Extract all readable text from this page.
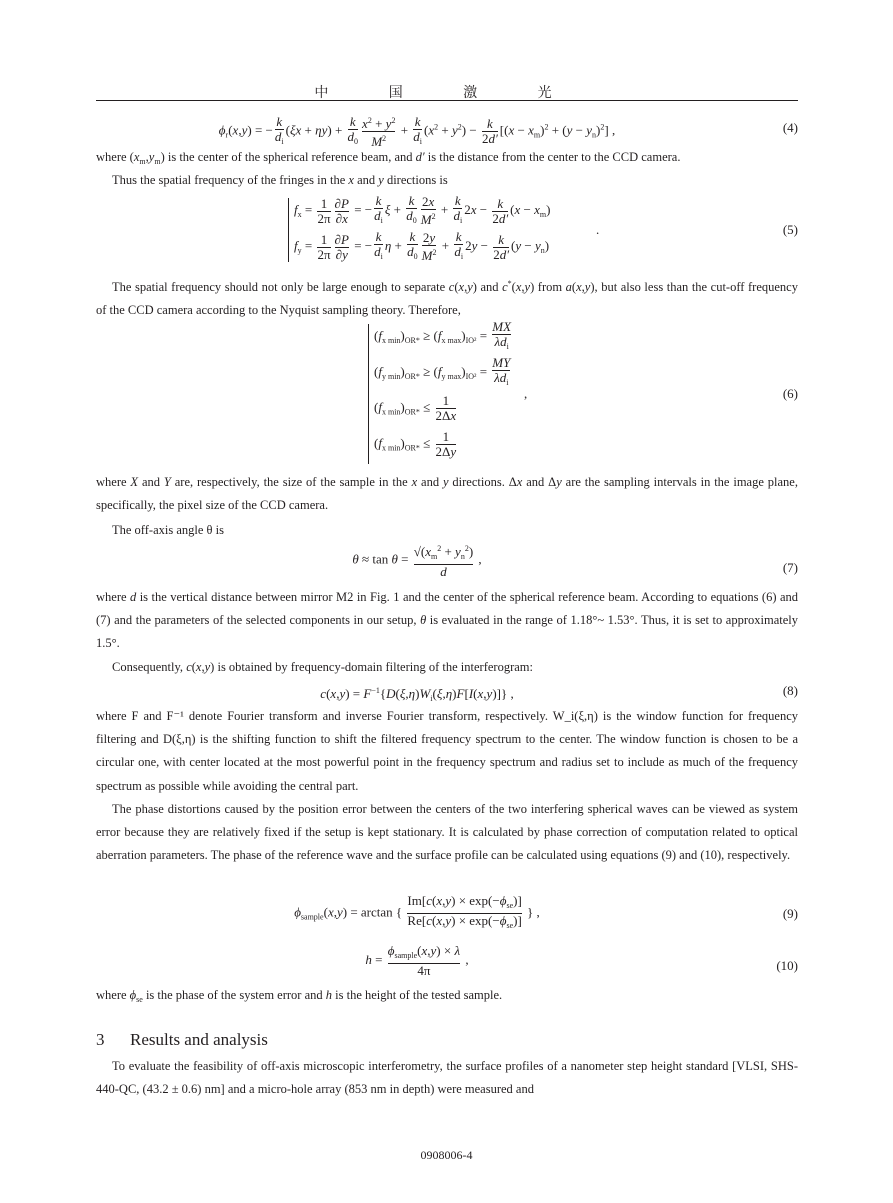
中 国 激 光
$\phi_r(x,y)$ = − $\frac{k}{d_i} (\xi x + \eta y) + \frac{k}{d_0} \frac{x^2 + y^2}{M^2} + \frac{k}{d_i} (x^2 + y^2) - \frac{k}{2d'} [(x - x_m)^2 + (y - y_n)^2]$ ,	(4)
where $(x_m,y_m)$ is the center of the spherical reference beam, and d′ is the distance from the center to the CCD camera.
Thus the spatial frequency of the fringes in the x and y directions is
$f_x = \frac{1}{2\pi} \frac{\partial P}{\partial x}$ = − $\frac{k}{d_i}$ $\xi + \frac{k}{d_0} \frac{2x}{M^2} + \frac{k}{d_i} 2x - \frac{k}{2d'} (x - x_m)$
$f_y = \frac{1}{2\pi} \frac{\partial P}{\partial y}$ = − $\frac{k}{d_i}$ $\eta + \frac{k}{d_0} \frac{2y}{M^2} + \frac{k}{d_i} 2y - \frac{k}{2d'} (y - y_n)$
.	(5)
The spatial frequency should not only be large enough to separate c(x,y) and c*(x,y) from a(x,y), but also less than the cut-off frequency of the CCD camera according to the Nyquist sampling theory. Therefore,
$(f_{x min})_{OR*} \ge (f_{x max})_{IO^2} = \frac{MX}{\lambda d_i}$
$(f_{y min})_{OR*} \ge (f_{y max})_{IO^2} = \frac{MY}{\lambda d_i}$
$(f_{x min})_{OR*} \le \frac{1}{2\Delta x}$
$(f_{x min})_{OR*} \le \frac{1}{2\Delta y}$
,	(6)
where X and Y are, respectively, the size of the sample in the x and y directions. Δx and Δy are the sampling intervals in the image plane, specifically, the pixel size of the CCD camera.
The off-axis angle θ is
$\theta \approx \tan \theta = \frac{√(x_m^2 + y_n^2)}{d}$ ,
(7)
where d is the vertical distance between mirror M2 in Fig. 1 and the center of the spherical reference beam. According to equations (6) and (7) and the parameters of the selected components in our setup, θ is evaluated in the range of 1.18°~ 1.53°. Thus, it is set to approximately 1.5°.
Consequently, c(x,y) is obtained by frequency-domain filtering of the interferogram:
$c(x,y) = F^{-1}\{D(\xi,\eta)W_i(\xi,\eta)F[I(x,y)]\}$ ,	(8)
where F and F⁻¹ denote Fourier transform and inverse Fourier transform, respectively. W_i(ξ,η) is the window function for frequency filtering and D(ξ,η) is the shifting function to shift the filtered frequency spectrum to the center. The window function is chosen to be a circular one, with center located at the most powerful point in the frequency spectrum and radius set to include as much of the frequency spectrum as possible while avoiding the central part.
The phase distortions caused by the position error between the centers of the two interfering spherical waves can be viewed as system error because they are relatively fixed if the setup is kept stationary. It is calculated by phase correction of computation related to optical aberration parameters. The phase of the reference wave and the surface profile can be calculated using equations (9) and (10), respectively.
$\phi_{sample}(x,y) = \arctan$ { $\frac{Im[c(x,y) \times \exp(-\phi_{se})]}{Re[c(x,y) \times \exp(-\phi_{se})]}$ } ,	(9)
$h = \frac{\phi_{sample}(x,y) \times \lambda}{4\pi}$ ,	(10)
where $\phi_{se}$ is the phase of the system error and h is the height of the tested sample.
3 Results and analysis
To evaluate the feasibility of off-axis microscopic interferometry, the surface profiles of a nanometer step height standard [VLSI, SHS-440-QC, (43.2 ± 0.6) nm] and a micro-hole array (853 nm in depth) were measured and
0908006-4
